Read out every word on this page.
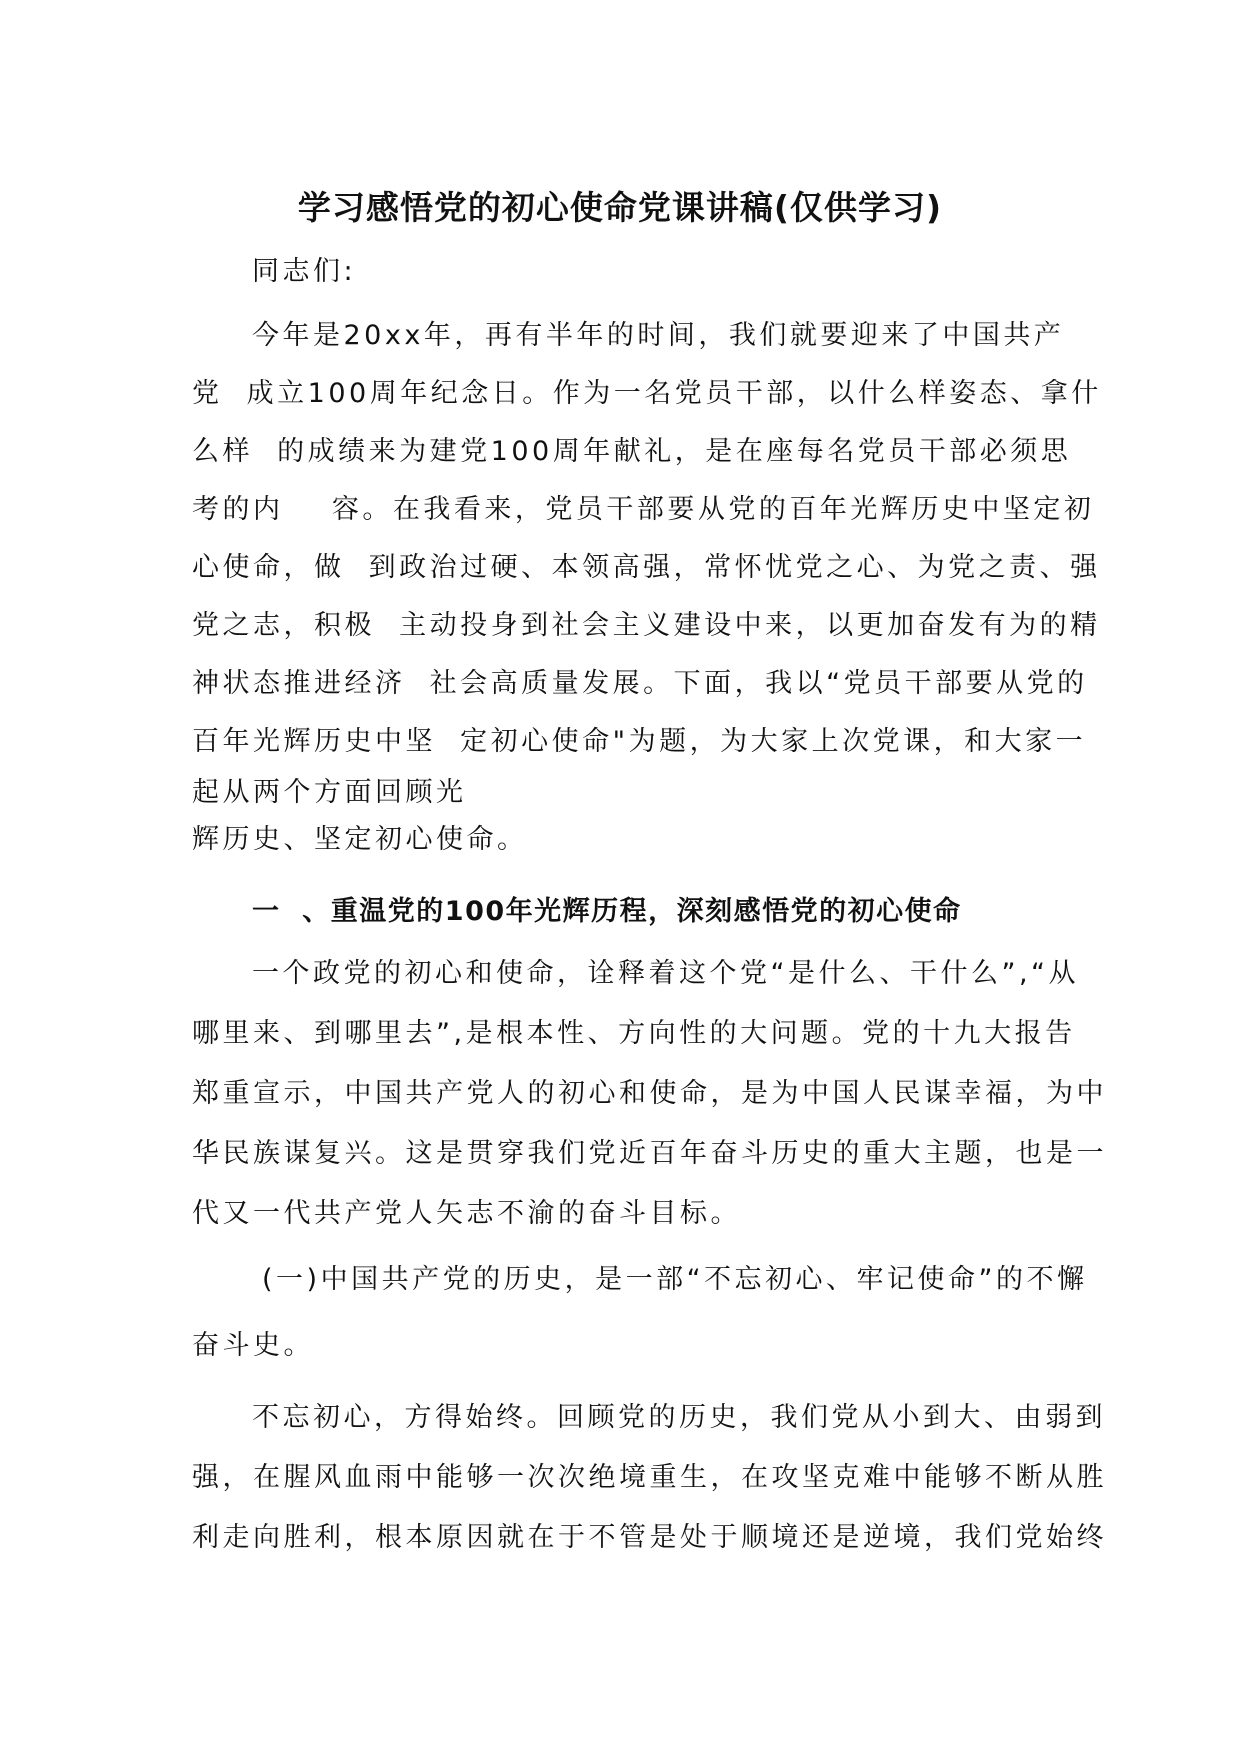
学习感悟党的初心使命党课讲稿(仅供学习)
同志们:
今年是20xx年，再有半年的时间，我们就要迎来了中国共产
党  成立100周年纪念日。作为一名党员干部，以什么样姿态、拿什
么样  的成绩来为建党100周年献礼，是在座每名党员干部必须思
考的内    容。在我看来，党员干部要从党的百年光辉历史中坚定初
心使命，做  到政治过硬、本领高强，常怀忧党之心、为党之责、强
党之志，积极  主动投身到社会主义建设中来，以更加奋发有为的精
神状态推进经济  社会高质量发展。下面，我以“党员干部要从党的
百年光辉历史中坚  定初心使命"为题，为大家上次党课，和大家一
起从两个方面回顾光
辉历史、坚定初心使命。
一  、重温党的100年光辉历程，深刻感悟党的初心使命
一个政党的初心和使命，诠释着这个党“是什么、干什么”,“从
哪里来、到哪里去”,是根本性、方向性的大问题。党的十九大报告
郑重宣示，中国共产党人的初心和使命，是为中国人民谋幸福，为中
华民族谋复兴。这是贯穿我们党近百年奋斗历史的重大主题，也是一
代又一代共产党人矢志不渝的奋斗目标。
(一)中国共产党的历史，是一部“不忘初心、牢记使命”的不懈
奋斗史。
不忘初心，方得始终。回顾党的历史，我们党从小到大、由弱到
强，在腥风血雨中能够一次次绝境重生，在攻坚克难中能够不断从胜
利走向胜利，根本原因就在于不管是处于顺境还是逆境，我们党始终
